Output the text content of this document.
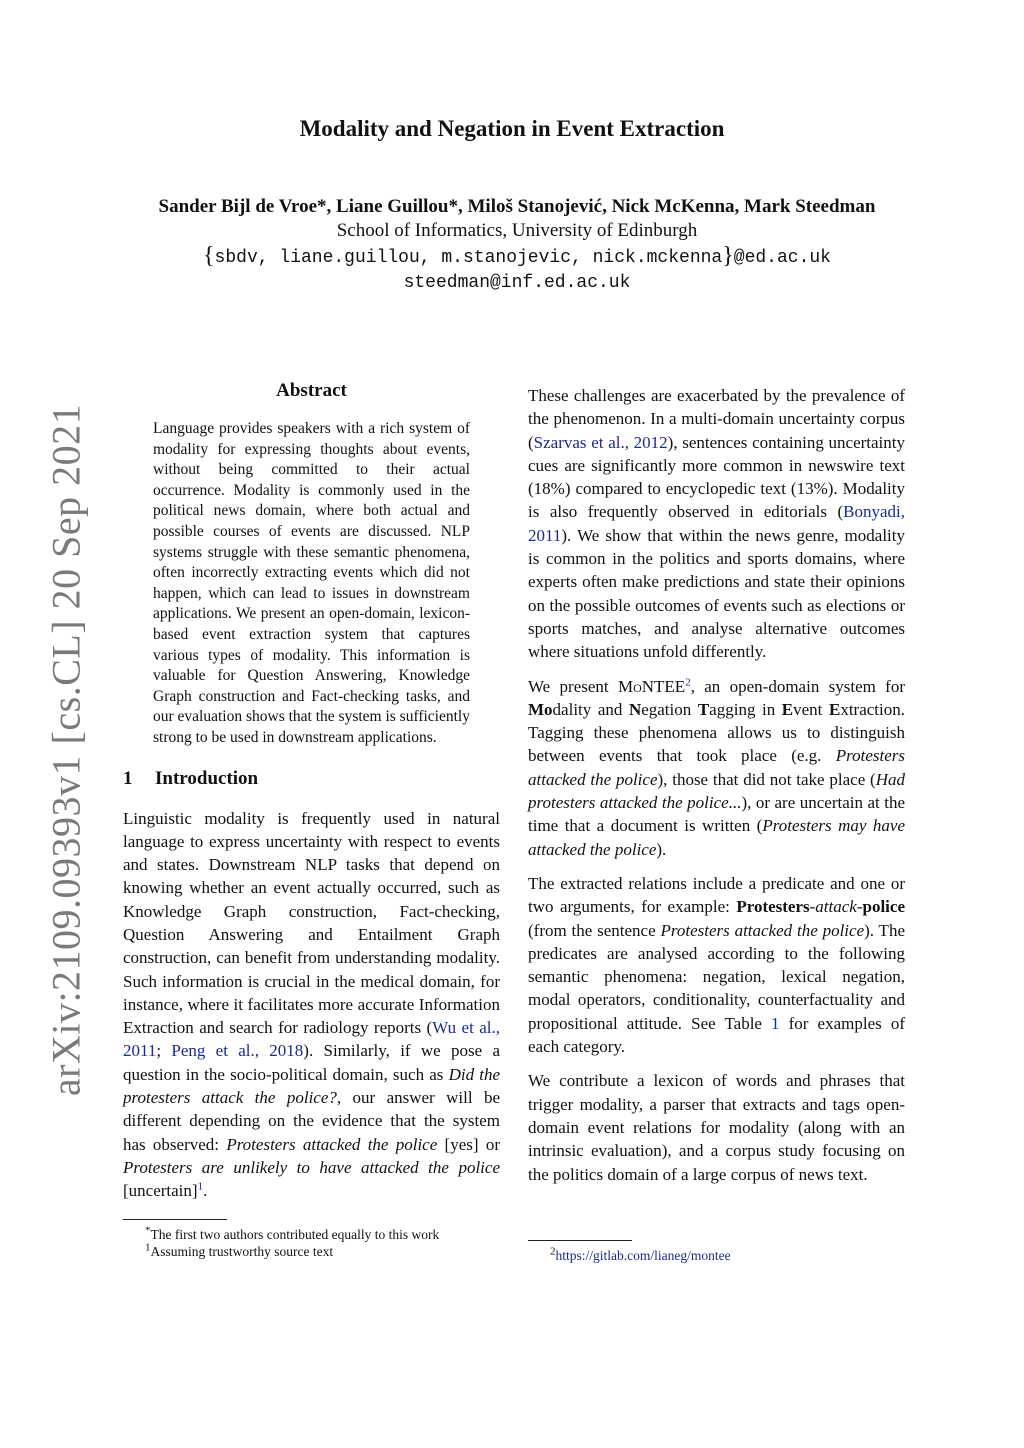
arXiv:2109.09393v1 [cs.CL] 20 Sep 2021
Modality and Negation in Event Extraction
Sander Bijl de Vroe*, Liane Guillou*, Miloš Stanojević, Nick McKenna, Mark Steedman
School of Informatics, University of Edinburgh
{sbdv, liane.guillou, m.stanojevic, nick.mckenna}@ed.ac.uk
steedman@inf.ed.ac.uk
Abstract
Language provides speakers with a rich system of modality for expressing thoughts about events, without being committed to their actual occurrence. Modality is commonly used in the political news domain, where both actual and possible courses of events are discussed. NLP systems struggle with these semantic phenomena, often incorrectly extracting events which did not happen, which can lead to issues in downstream applications. We present an open-domain, lexicon-based event extraction system that captures various types of modality. This information is valuable for Question Answering, Knowledge Graph construction and Fact-checking tasks, and our evaluation shows that the system is sufficiently strong to be used in downstream applications.
1 Introduction

Linguistic modality is frequently used in natural language to express uncertainty with respect to events and states. Downstream NLP tasks that depend on knowing whether an event actually occurred, such as Knowledge Graph construction, Fact-checking, Question Answering and Entailment Graph construction, can benefit from understanding modality. Such information is crucial in the medical domain, for instance, where it facilitates more accurate Information Extraction and search for radiology reports (Wu et al., 2011; Peng et al., 2018). Similarly, if we pose a question in the socio-political domain, such as Did the protesters attack the police?, our answer will be different depending on the evidence that the system has observed: Protesters attacked the police [yes] or Protesters are unlikely to have attacked the police [uncertain]$^1$.

*The first two authors contributed equally to this work
$^1$Assuming trustworthy source text

These challenges are exacerbated by the prevalence of the phenomenon. In a multi-domain uncertainty corpus (Szarvas et al., 2012), sentences containing uncertainty cues are significantly more common in newswire text (18%) compared to encyclopedic text (13%). Modality is also frequently observed in editorials (Bonyadi, 2011). We show that within the news genre, modality is common in the politics and sports domains, where experts often make predictions and state their opinions on the possible outcomes of events such as elections or sports matches, and analyse alternative outcomes where situations unfold differently.

We present MoNTEE$^2$, an open-domain system for Modality and Negation Tagging in Event Extraction. Tagging these phenomena allows us to distinguish between events that took place (e.g. Protesters attacked the police), those that did not take place (Had protesters attacked the police...), or are uncertain at the time that a document is written (Protesters may have attacked the police).

The extracted relations include a predicate and one or two arguments, for example: Protesters-attack-police (from the sentence Protesters attacked the police). The predicates are analysed according to the following semantic phenomena: negation, lexical negation, modal operators, conditionality, counterfactuality and propositional attitude. See Table 1 for examples of each category.

We contribute a lexicon of words and phrases that trigger modality, a parser that extracts and tags open-domain event relations for modality (along with an intrinsic evaluation), and a corpus study focusing on the politics domain of a large corpus of news text.

$^2$https://gitlab.com/lianeg/montee
